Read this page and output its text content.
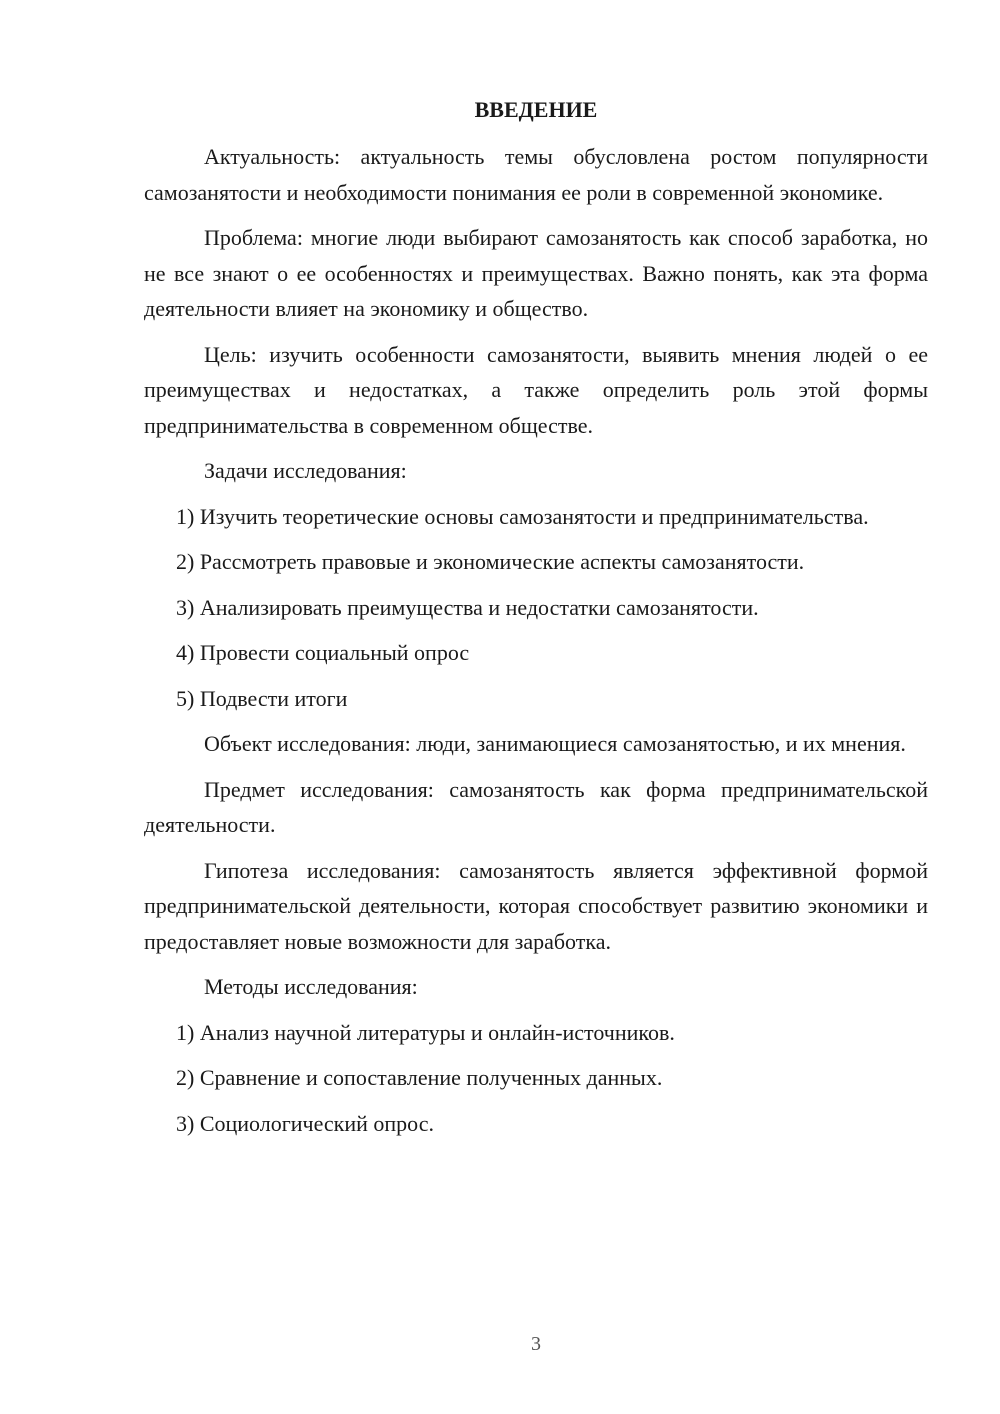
ВВЕДЕНИЕ

Актуальность: актуальность темы обусловлена ростом популярности самозанятости и необходимости понимания ее роли в современной экономике.

Проблема: многие люди выбирают самозанятость как способ заработка, но не все знают о ее особенностях и преимуществах. Важно понять, как эта форма деятельности влияет на экономику и общество.

Цель: изучить особенности самозанятости, выявить мнения людей о ее преимуществах и недостатках, а также определить роль этой формы предпринимательства в современном обществе.

Задачи исследования:

1) Изучить теоретические основы самозанятости и предпринимательства.

2) Рассмотреть правовые и экономические аспекты самозанятости.

3) Анализировать преимущества и недостатки самозанятости.

4) Провести социальный опрос

5) Подвести итоги

Объект исследования: люди, занимающиеся самозанятостью, и их мнения.

Предмет исследования: самозанятость как форма предпринимательской деятельности.

Гипотеза исследования: самозанятость является эффективной формой предпринимательской деятельности, которая способствует развитию экономики и предоставляет новые возможности для заработка.

Методы исследования:

1) Анализ научной литературы и онлайн-источников.

2) Сравнение и сопоставление полученных данных.

3) Социологический опрос.

3
